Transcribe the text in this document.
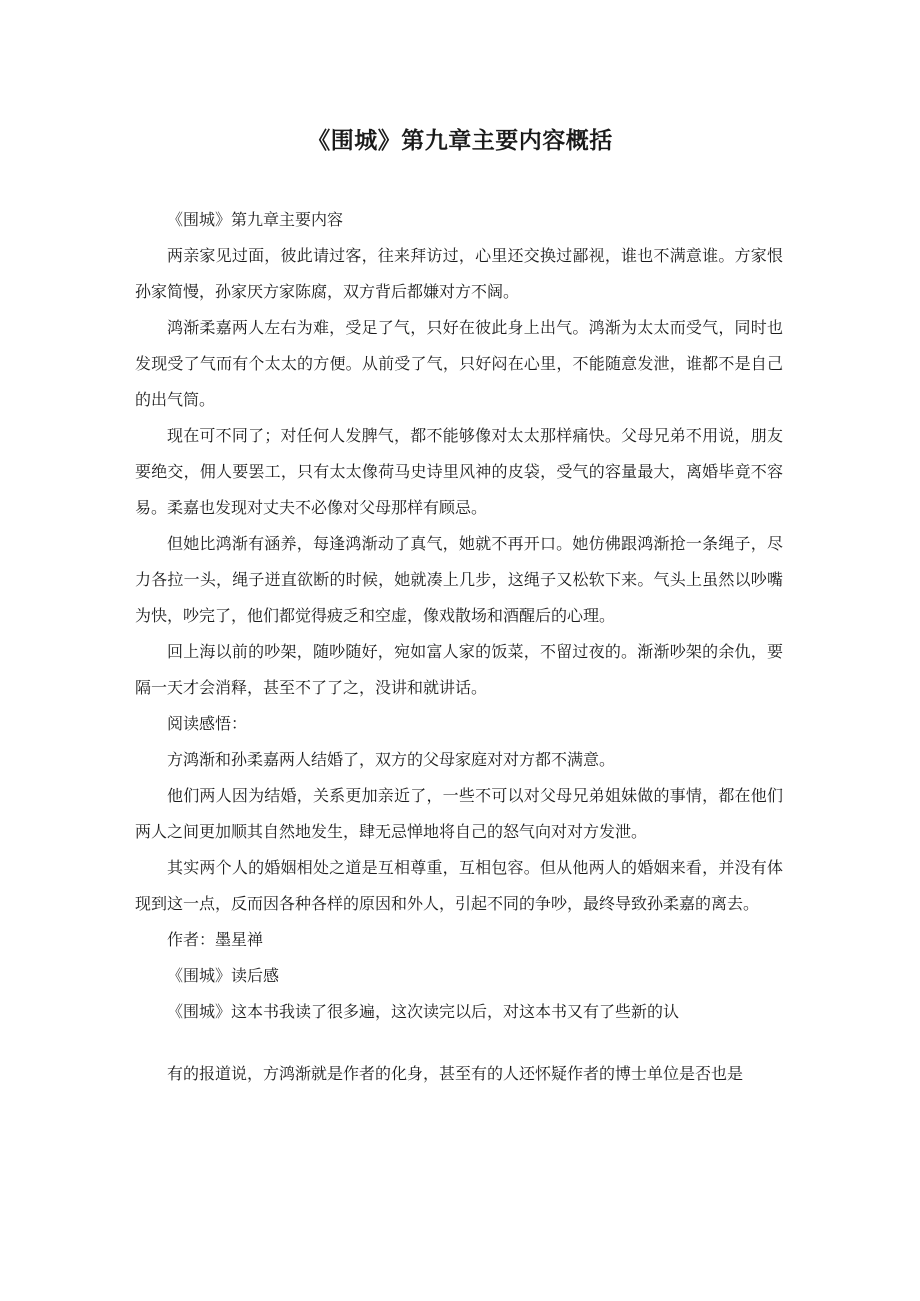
《围城》第九章主要内容概括

《围城》第九章主要内容

两亲家见过面，彼此请过客，往来拜访过，心里还交换过鄙视，谁也不满意谁。方家恨孙家简慢，孙家厌方家陈腐，双方背后都嫌对方不阔。

鸿渐柔嘉两人左右为难，受足了气，只好在彼此身上出气。鸿渐为太太而受气，同时也发现受了气而有个太太的方便。从前受了气，只好闷在心里，不能随意发泄，谁都不是自己的出气筒。

现在可不同了；对任何人发脾气，都不能够像对太太那样痛快。父母兄弟不用说，朋友要绝交，佣人要罢工，只有太太像荷马史诗里风神的皮袋，受气的容量最大，离婚毕竟不容易。柔嘉也发现对丈夫不必像对父母那样有顾忌。

但她比鸿渐有涵养，每逢鸿渐动了真气，她就不再开口。她仿佛跟鸿渐抢一条绳子，尽力各拉一头，绳子迸直欲断的时候，她就凑上几步，这绳子又松软下来。气头上虽然以吵嘴为快，吵完了，他们都觉得疲乏和空虚，像戏散场和酒醒后的心理。

回上海以前的吵架，随吵随好，宛如富人家的饭菜，不留过夜的。渐渐吵架的余仇，要隔一天才会消释，甚至不了了之，没讲和就讲话。

阅读感悟：

方鸿渐和孙柔嘉两人结婚了，双方的父母家庭对对方都不满意。

他们两人因为结婚，关系更加亲近了，一些不可以对父母兄弟姐妹做的事情，都在他们两人之间更加顺其自然地发生，肆无忌惮地将自己的怒气向对对方发泄。

其实两个人的婚姻相处之道是互相尊重，互相包容。但从他两人的婚姻来看，并没有体现到这一点，反而因各种各样的原因和外人，引起不同的争吵，最终导致孙柔嘉的离去。

作者：墨星禅

《围城》读后感

《围城》这本书我读了很多遍，这次读完以后，对这本书又有了些新的认

有的报道说，方鸿渐就是作者的化身，甚至有的人还怀疑作者的博士单位是否也是
